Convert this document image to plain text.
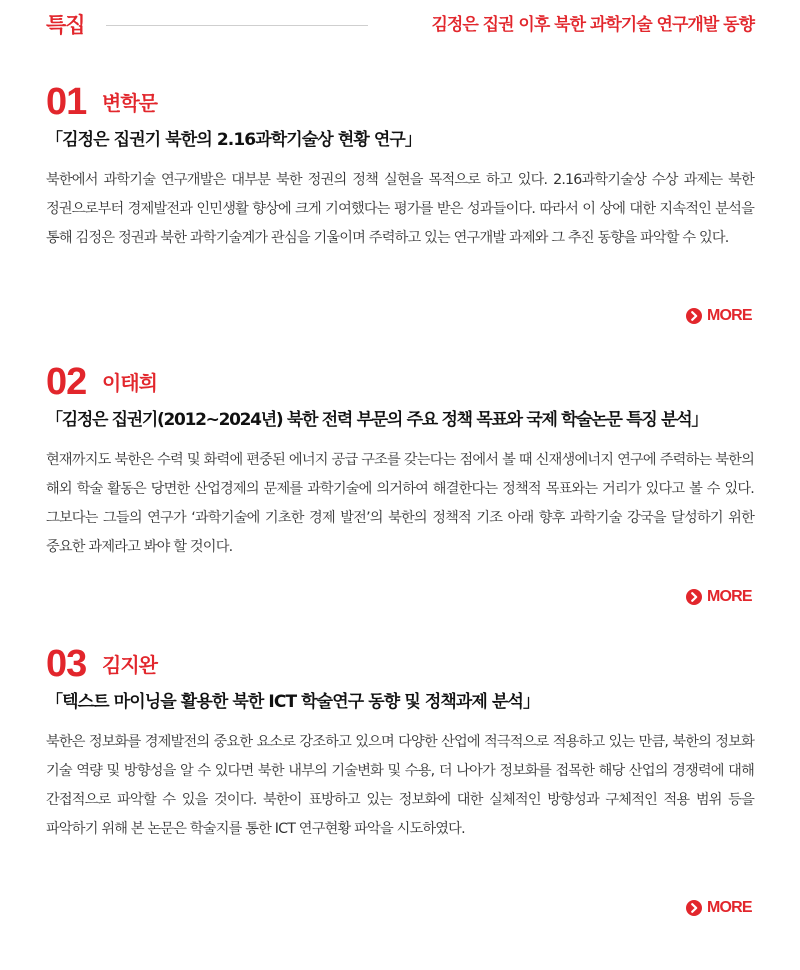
특집	김정은 집권 이후 북한 과학기술 연구개발 동향
01 변학문
「김정은 집권기 북한의 2.16과학기술상 현황 연구」
북한에서 과학기술 연구개발은 대부분 북한 정권의 정책 실현을 목적으로 하고 있다. 2.16과학기술상 수상 과제는 북한 정권으로부터 경제발전과 인민생활 향상에 크게 기여했다는 평가를 받은 성과들이다. 따라서 이 상에 대한 지속적인 분석을 통해 김정은 정권과 북한 과학기술계가 관심을 기울이며 주력하고 있는 연구개발 과제와 그 추진 동향을 파악할 수 있다.
MORE
02 이태희
「김정은 집권기(2012~2024년) 북한 전력 부문의 주요 정책 목표와 국제 학술논문 특징 분석」
현재까지도 북한은 수력 및 화력에 편중된 에너지 공급 구조를 갖는다는 점에서 볼 때 신재생에너지 연구에 주력하는 북한의 해외 학술 활동은 당면한 산업경제의 문제를 과학기술에 의거하여 해결한다는 정책적 목표와는 거리가 있다고 볼 수 있다. 그보다는 그들의 연구가 ‘과학기술에 기초한 경제 발전’의 북한의 정책적 기조 아래 향후 과학기술 강국을 달성하기 위한 중요한 과제라고 봐야 할 것이다.
MORE
03 김지완
「텍스트 마이닝을 활용한 북한 ICT 학술연구 동향 및 정책과제 분석」
북한은 정보화를 경제발전의 중요한 요소로 강조하고 있으며 다양한 산업에 적극적으로 적용하고 있는 만큼, 북한의 정보화 기술 역량 및 방향성을 알 수 있다면 북한 내부의 기술변화 및 수용, 더 나아가 정보화를 접목한 해당 산업의 경쟁력에 대해 간접적으로 파악할 수 있을 것이다. 북한이 표방하고 있는 정보화에 대한 실체적인 방향성과 구체적인 적용 범위 등을 파악하기 위해 본 논문은 학술지를 통한 ICT 연구현황 파악을 시도하였다.
MORE
